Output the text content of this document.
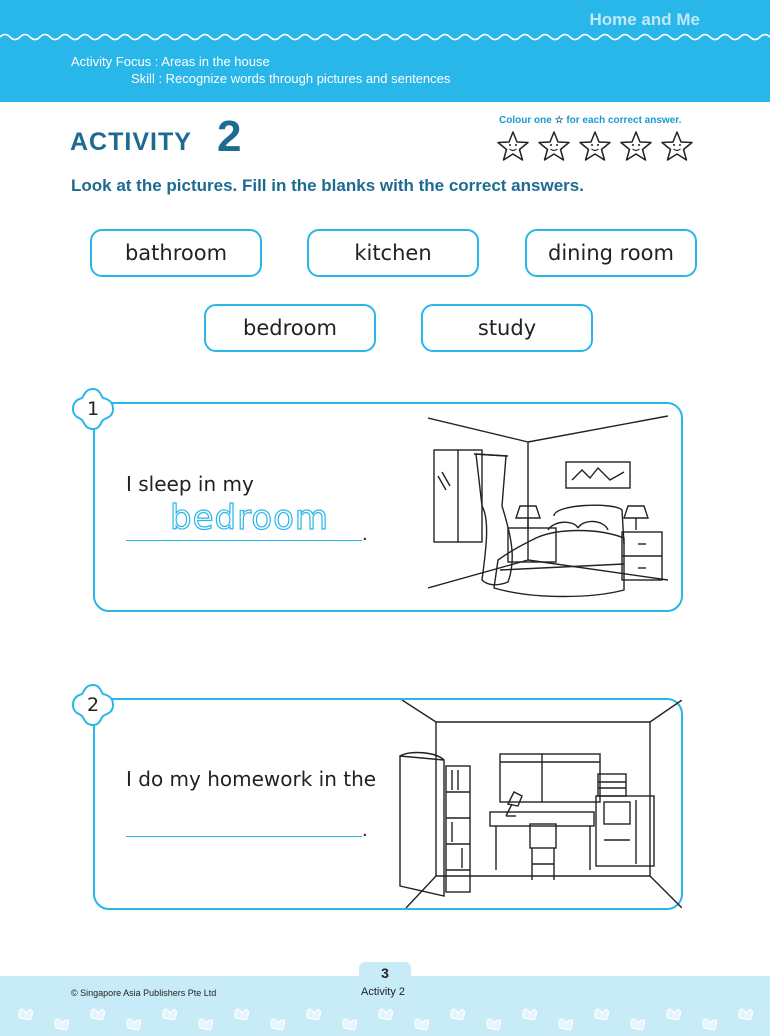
Home and Me
Activity Focus : Areas in the house
Skill : Recognize words through pictures and sentences
ACTIVITY 2	Colour one ☆ for each correct answer.
Look at the pictures. Fill in the blanks with the correct answers.
bathroom	kitchen	dining room
bedroom	study
1
I sleep in my
bedroom .
2
I do my homework in the
.
3
© Singapore Asia Publishers Pte Ltd	Activity 2
